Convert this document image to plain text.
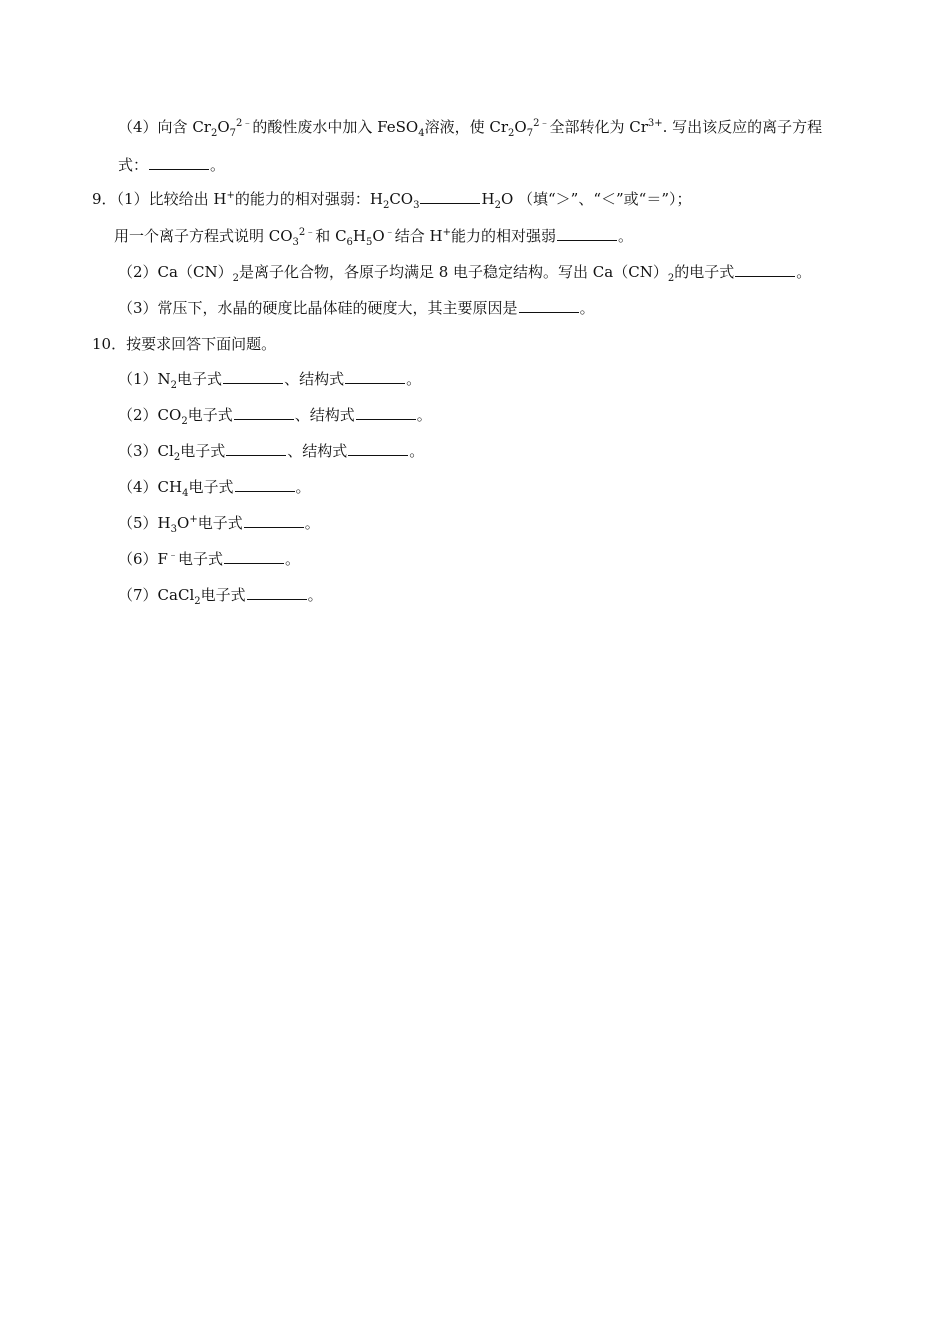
（4）向含 $Cr_2O_7^{2﹣}$的酸性废水中加入 FeSO$_4$溶液，使 $Cr_2O_7^{2﹣}$全部转化为 $Cr^{3+}$. 写出该反应的离子方程
式：	。
9．（1）比较给出 H+的能力的相对强弱：$H_2CO_3$	$H_2O$ （填“＞”、“＜”或“＝”）；
用一个离子方程式说明 $CO_3^{2﹣}$和 $C_6H_5O^﹣$结合 H+能力的相对强弱	。
$(2)Ca(CN)_2$是离子化合物，各原子均满足 8 电子稳定结构。写出 $Ca(CN)_2$的电子式	。
（3）常压下，水晶的硬度比晶体硅的硬度大，其主要原因是	。
10．按要求回答下面问题。
$(1)N_2$电子式	、结构式	。
$(2)CO_2$电子式	、结构式	。
$(3)Cl_2$电子式	、结构式	。
$(4)CH_4$电子式	。
$(5)H_3O^+$电子式	。
（6）F﹣电子式	。
（7）CaCl$_2$电子式	。
